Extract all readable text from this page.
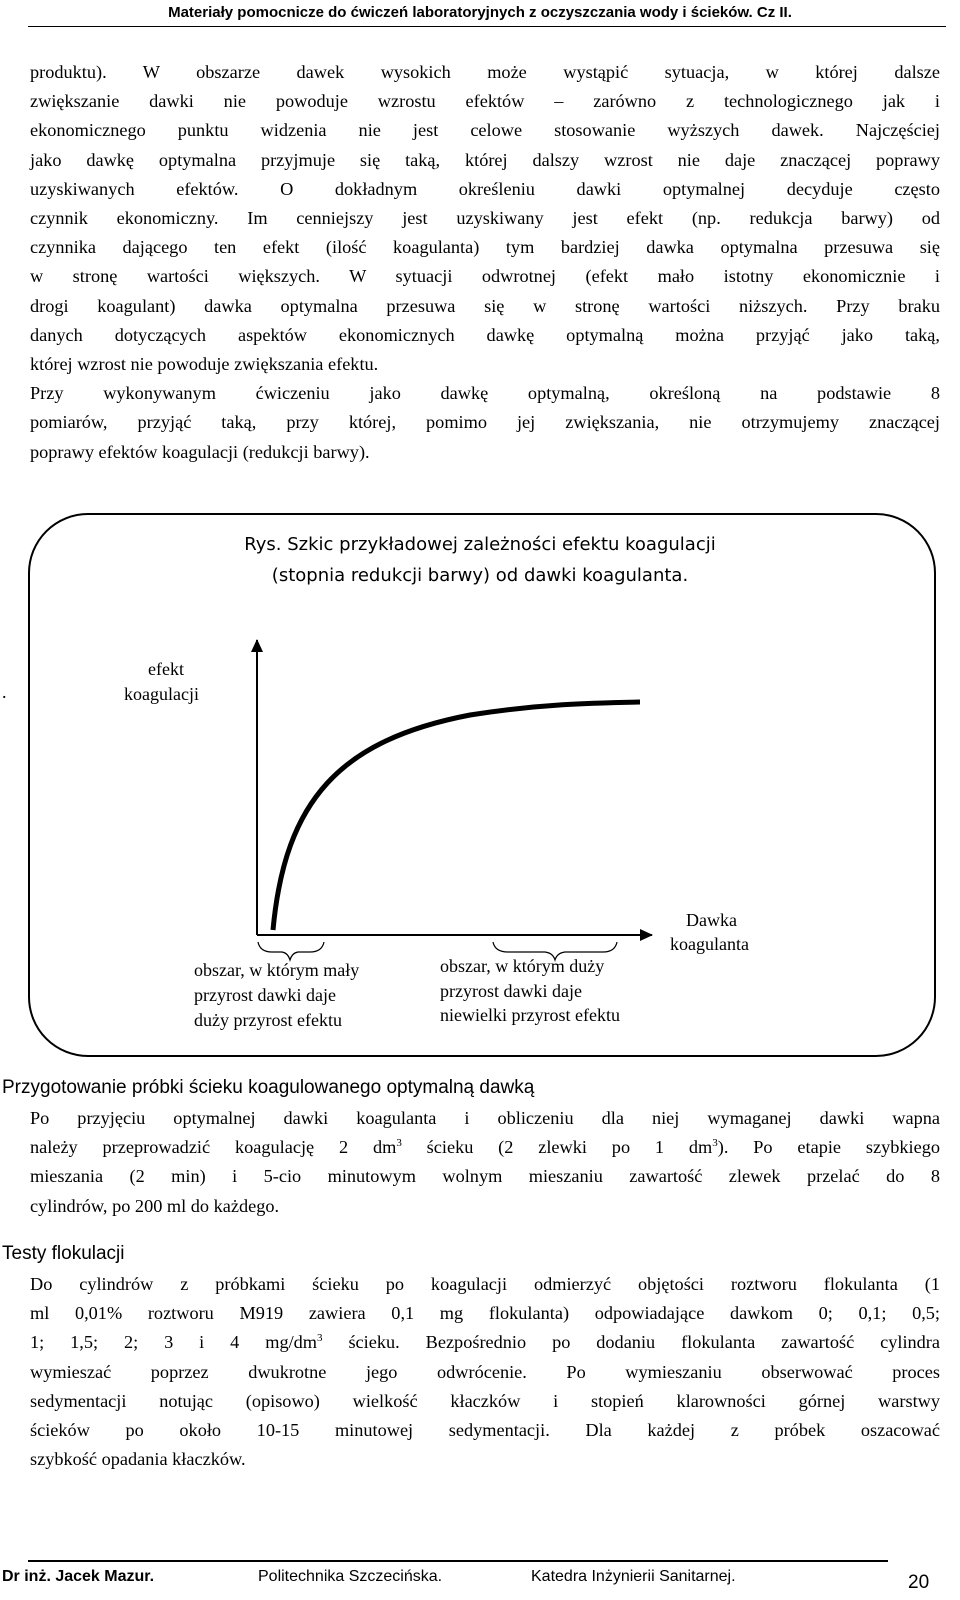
Materiały pomocnicze do ćwiczeń laboratoryjnych z oczyszczania wody i ścieków. Cz II.
produktu). W obszarze dawek wysokich może wystąpić sytuacja, w której dalsze
zwiększanie dawki nie powoduje wzrostu efektów – zarówno z technologicznego jak i
ekonomicznego punktu widzenia nie jest celowe stosowanie wyższych dawek. Najczęściej
jako dawkę optymalna przyjmuje się taką, której dalszy wzrost nie daje znaczącej poprawy
uzyskiwanych efektów. O dokładnym określeniu dawki optymalnej decyduje często
czynnik ekonomiczny. Im cenniejszy jest uzyskiwany jest efekt (np. redukcja barwy) od
czynnika dającego ten efekt (ilość koagulanta) tym bardziej dawka optymalna przesuwa się
w stronę wartości większych. W sytuacji odwrotnej (efekt mało istotny ekonomicznie i
drogi koagulant) dawka optymalna przesuwa się w stronę wartości niższych. Przy braku
danych dotyczących aspektów ekonomicznych dawkę optymalną można przyjąć jako taką,
której wzrost nie powoduje zwiększania efektu.
Przy wykonywanym ćwiczeniu jako dawkę optymalną, określoną na podstawie 8
pomiarów, przyjąć taką, przy której, pomimo jej zwiększania, nie otrzymujemy znaczącej
poprawy efektów koagulacji (redukcji barwy).
Rys. Szkic przykładowej zależności efektu koagulacji
(stopnia redukcji barwy) od dawki koagulanta.
.
efekt
koagulacji
Dawka
koagulanta
obszar, w którym mały
przyrost dawki daje
duży przyrost efektu
obszar, w którym duży
przyrost dawki daje
niewielki przyrost efektu
Przygotowanie próbki ścieku koagulowanego optymalną dawką
Po przyjęciu optymalnej dawki koagulanta i obliczeniu dla niej wymaganej dawki wapna
należy przeprowadzić koagulację 2 $dm^3$ ścieku (2 zlewki po 1 $dm^3$). Po etapie szybkiego
mieszania (2 min) i 5-cio minutowym wolnym mieszaniu zawartość zlewek przelać do 8
cylindrów, po 200 ml do każdego.
Testy flokulacji
Do cylindrów z próbkami ścieku po koagulacji odmierzyć objętości roztworu flokulanta (1
ml 0,01% roztworu M919 zawiera 0,1 mg flokulanta) odpowiadające dawkom 0; 0,1; 0,5;
1; 1,5; 2; 3 i 4 $mg/dm^3$ ścieku. Bezpośrednio po dodaniu flokulanta zawartość cylindra
wymieszać poprzez dwukrotne jego odwrócenie. Po wymieszaniu obserwować proces
sedymentacji notując (opisowo) wielkość kłaczków i stopień klarowności górnej warstwy
ścieków po około 10-15 minutowej sedymentacji. Dla każdej z próbek oszacować
szybkość opadania kłaczków.
Dr inż. Jacek Mazur.	Politechnika Szczecińska.	Katedra Inżynierii Sanitarnej.	20
